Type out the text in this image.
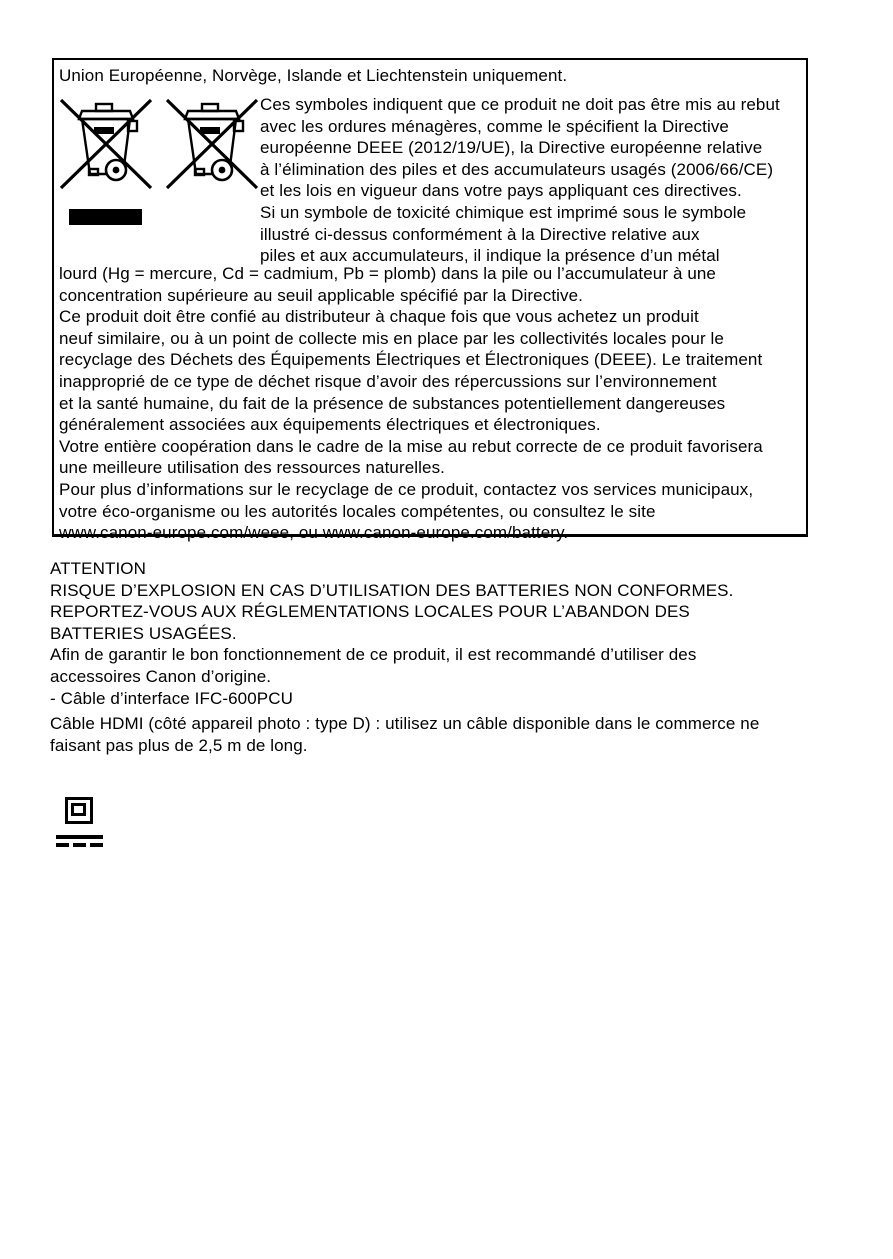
Union Européenne, Norvège, Islande et Liechtenstein uniquement.
Ces symboles indiquent que ce produit ne doit pas être mis au rebut
avec les ordures ménagères, comme le spécifient la Directive
européenne DEEE (2012/19/UE), la Directive européenne relative
à l’élimination des piles et des accumulateurs usagés (2006/66/CE)
et les lois en vigueur dans votre pays appliquant ces directives.
Si un symbole de toxicité chimique est imprimé sous le symbole
illustré ci-dessus conformément à la Directive relative aux
piles et aux accumulateurs, il indique la présence d’un métal
lourd (Hg = mercure, Cd = cadmium, Pb = plomb) dans la pile ou l’accumulateur à une
concentration supérieure au seuil applicable spécifié par la Directive.
Ce produit doit être confié au distributeur à chaque fois que vous achetez un produit
neuf similaire, ou à un point de collecte mis en place par les collectivités locales pour le
recyclage des Déchets des Équipements Électriques et Électroniques (DEEE). Le traitement
inapproprié de ce type de déchet risque d’avoir des répercussions sur l’environnement
et la santé humaine, du fait de la présence de substances potentiellement dangereuses
généralement associées aux équipements électriques et électroniques.
Votre entière coopération dans le cadre de la mise au rebut correcte de ce produit favorisera
une meilleure utilisation des ressources naturelles.
Pour plus d’informations sur le recyclage de ce produit, contactez vos services municipaux,
votre éco-organisme ou les autorités locales compétentes, ou consultez le site
www.canon-europe.com/weee, ou www.canon-europe.com/battery.
ATTENTION
RISQUE D’EXPLOSION EN CAS D’UTILISATION DES BATTERIES NON CONFORMES.
REPORTEZ-VOUS AUX RÉGLEMENTATIONS LOCALES POUR L’ABANDON DES
BATTERIES USAGÉES.
Afin de garantir le bon fonctionnement de ce produit, il est recommandé d’utiliser des
accessoires Canon d’origine.
- Câble d’interface IFC-600PCU
Câble HDMI (côté appareil photo : type D) : utilisez un câble disponible dans le commerce ne
faisant pas plus de 2,5 m de long.
